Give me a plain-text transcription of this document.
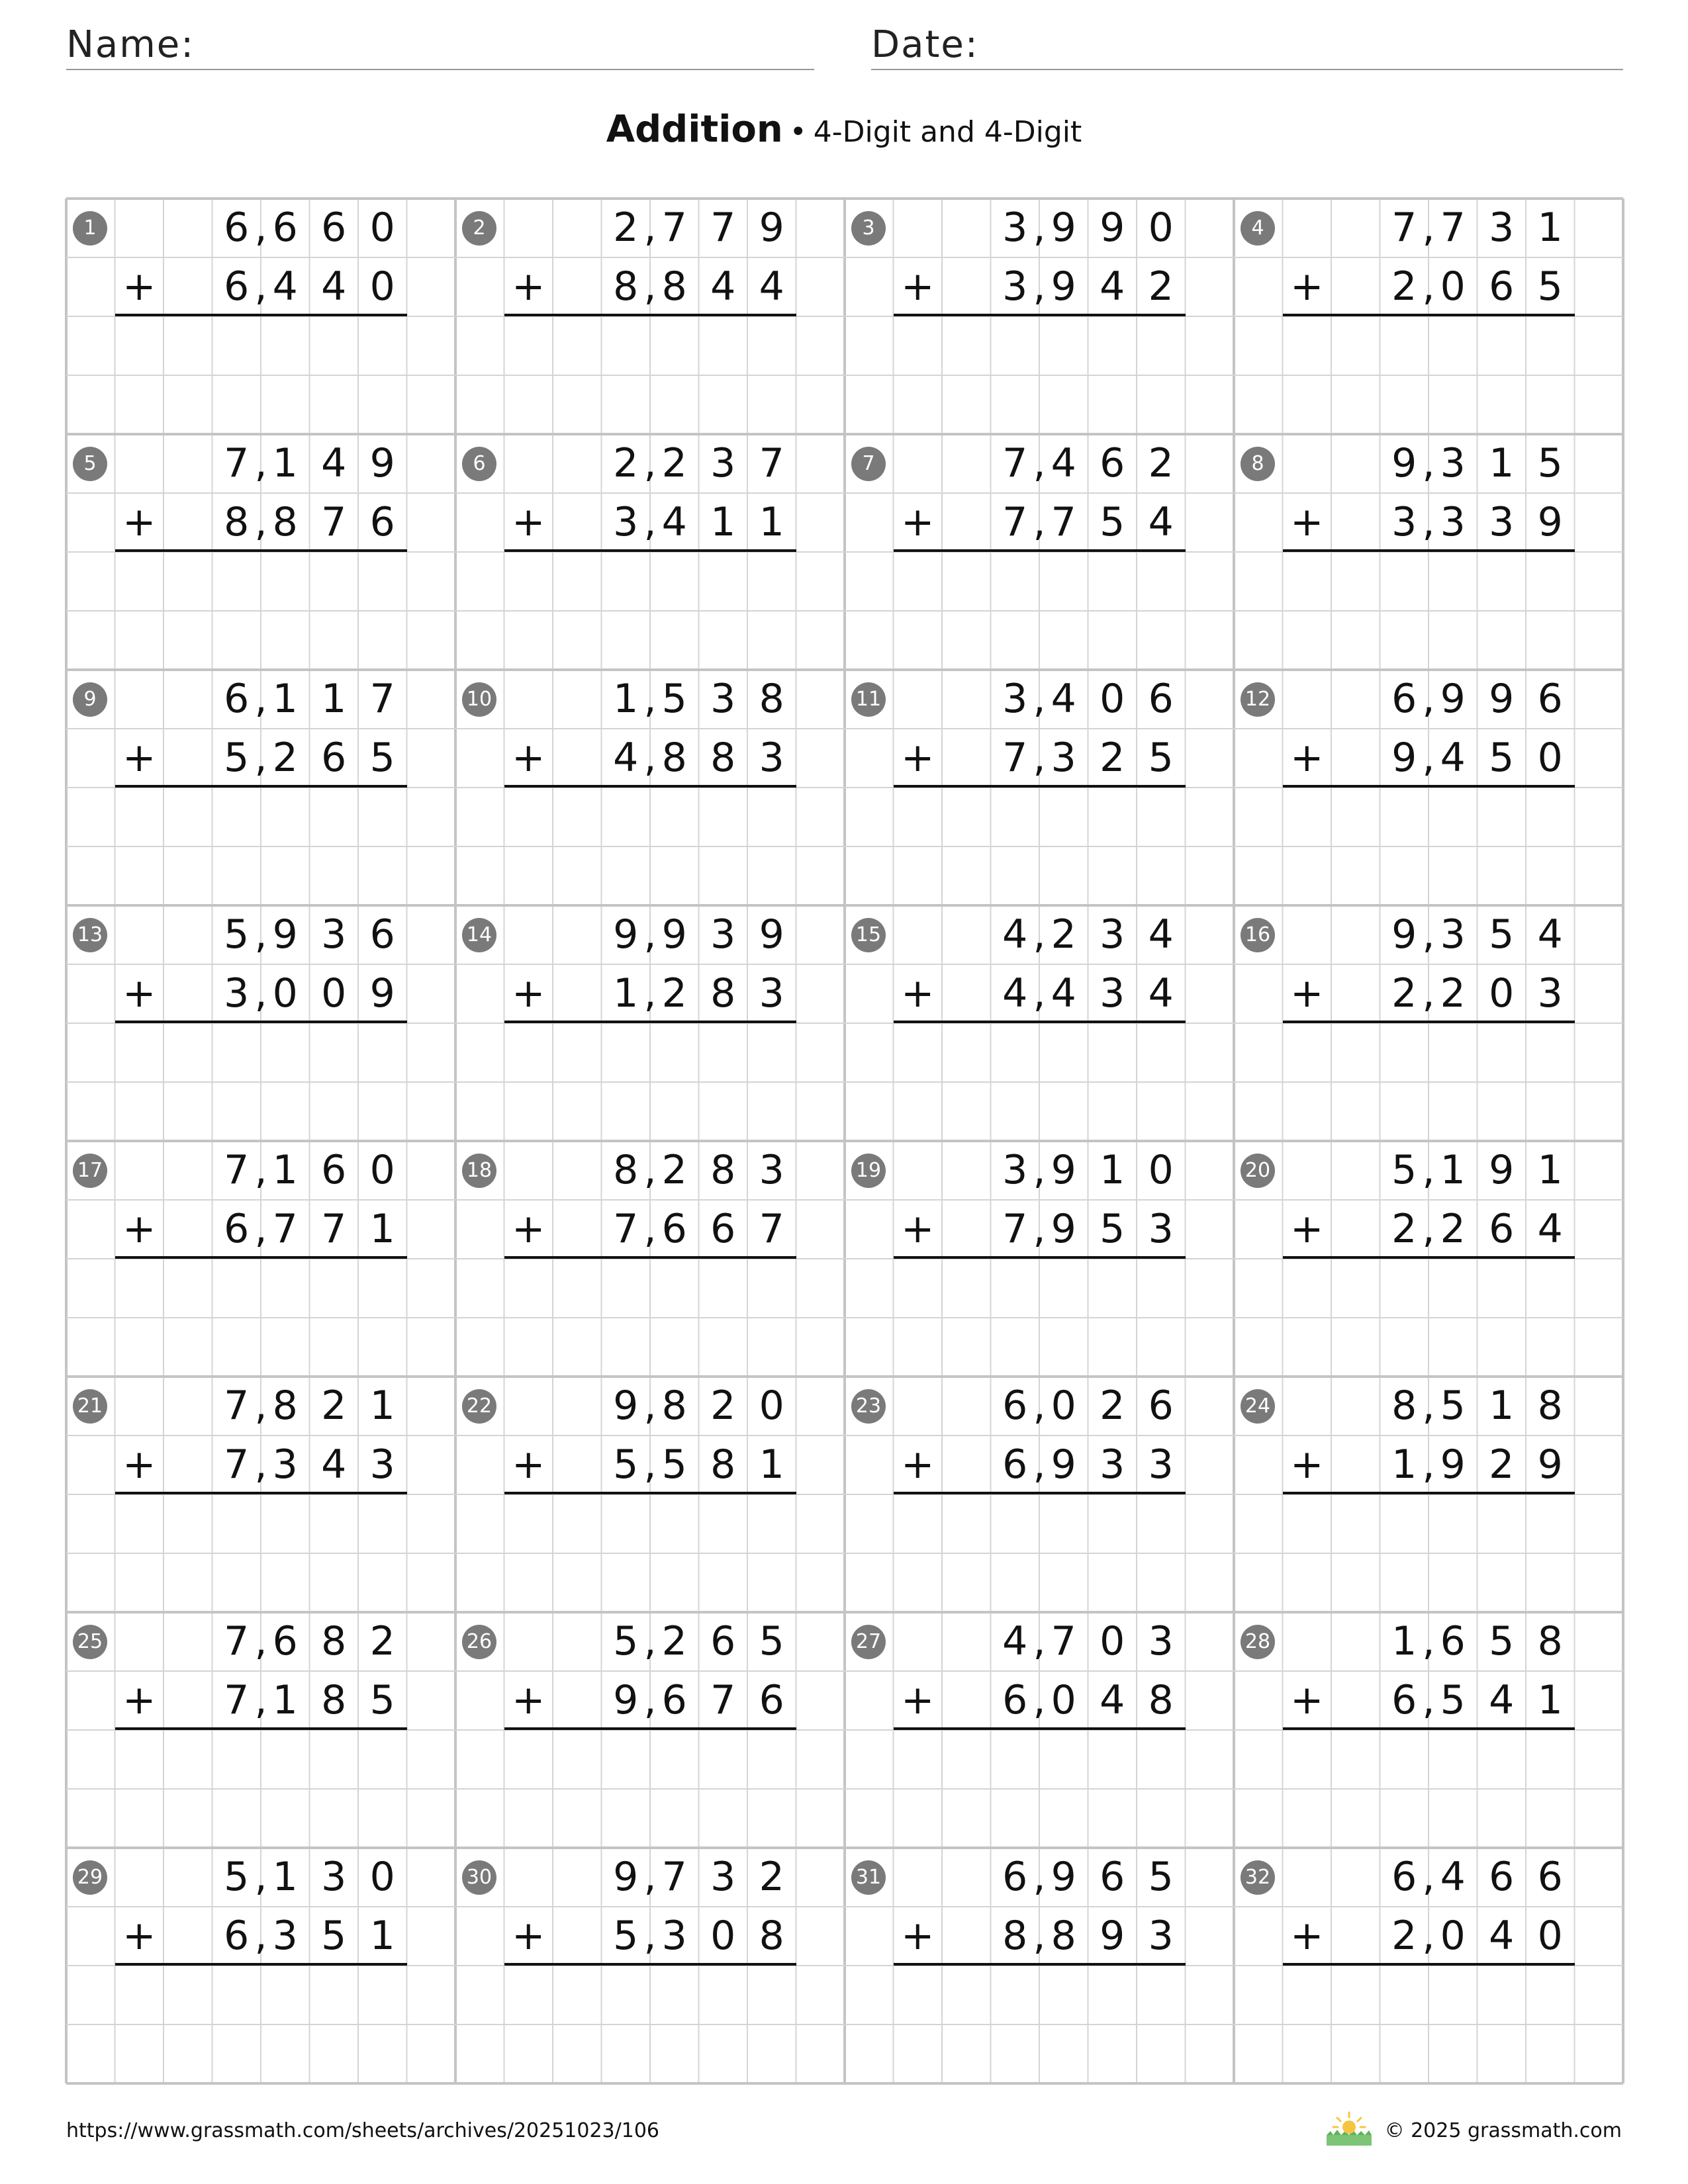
Name:	Date:
Addition • 4-Digit and 4-Digit
1	6 , 6 6 0
6 , 4 4 0
+
2	2 , 7 7 9
8 , 8 4 4
+
3	3 , 9 9 0
3 , 9 4 2
+
4	7 , 7 3 1
2 , 0 6 5
+
5	7 , 1 4 9
8 , 8 7 6
+
6	2 , 2 3 7
3 , 4 1 1
+
7	7 , 4 6 2
7 , 7 5 4
+
8	9 , 3 1 5
3 , 3 3 9
+
9	6 , 1 1 7
5 , 2 6 5
+
10	1 , 5 3 8
4 , 8 8 3
+
11	3 , 4 0 6
7 , 3 2 5
+
12	6 , 9 9 6
9 , 4 5 0
+
13	5 , 9 3 6
3 , 0 0 9
+
14	9 , 9 3 9
1 , 2 8 3
+
15	4 , 2 3 4
4 , 4 3 4
+
16	9 , 3 5 4
2 , 2 0 3
+
17	7 , 1 6 0
6 , 7 7 1
+
18	8 , 2 8 3
7 , 6 6 7
+
19	3 , 9 1 0
7 , 9 5 3
+
20	5 , 1 9 1
2 , 2 6 4
+
21	7 , 8 2 1
7 , 3 4 3
+
22	9 , 8 2 0
5 , 5 8 1
+
23	6 , 0 2 6
6 , 9 3 3
+
24	8 , 5 1 8
1 , 9 2 9
+
25	7 , 6 8 2
7 , 1 8 5
+
26	5 , 2 6 5
9 , 6 7 6
+
27	4 , 7 0 3
6 , 0 4 8
+
28	1 , 6 5 8
6 , 5 4 1
+
29	5 , 1 3 0
6 , 3 5 1
+
30	9 , 7 3 2
5 , 3 0 8
+
31	6 , 9 6 5
8 , 8 9 3
+
32	6 , 4 6 6
2 , 0 4 0
+
https://www.grassmath.com/sheets/archives/20251023/106	© 2025 grassmath.com
